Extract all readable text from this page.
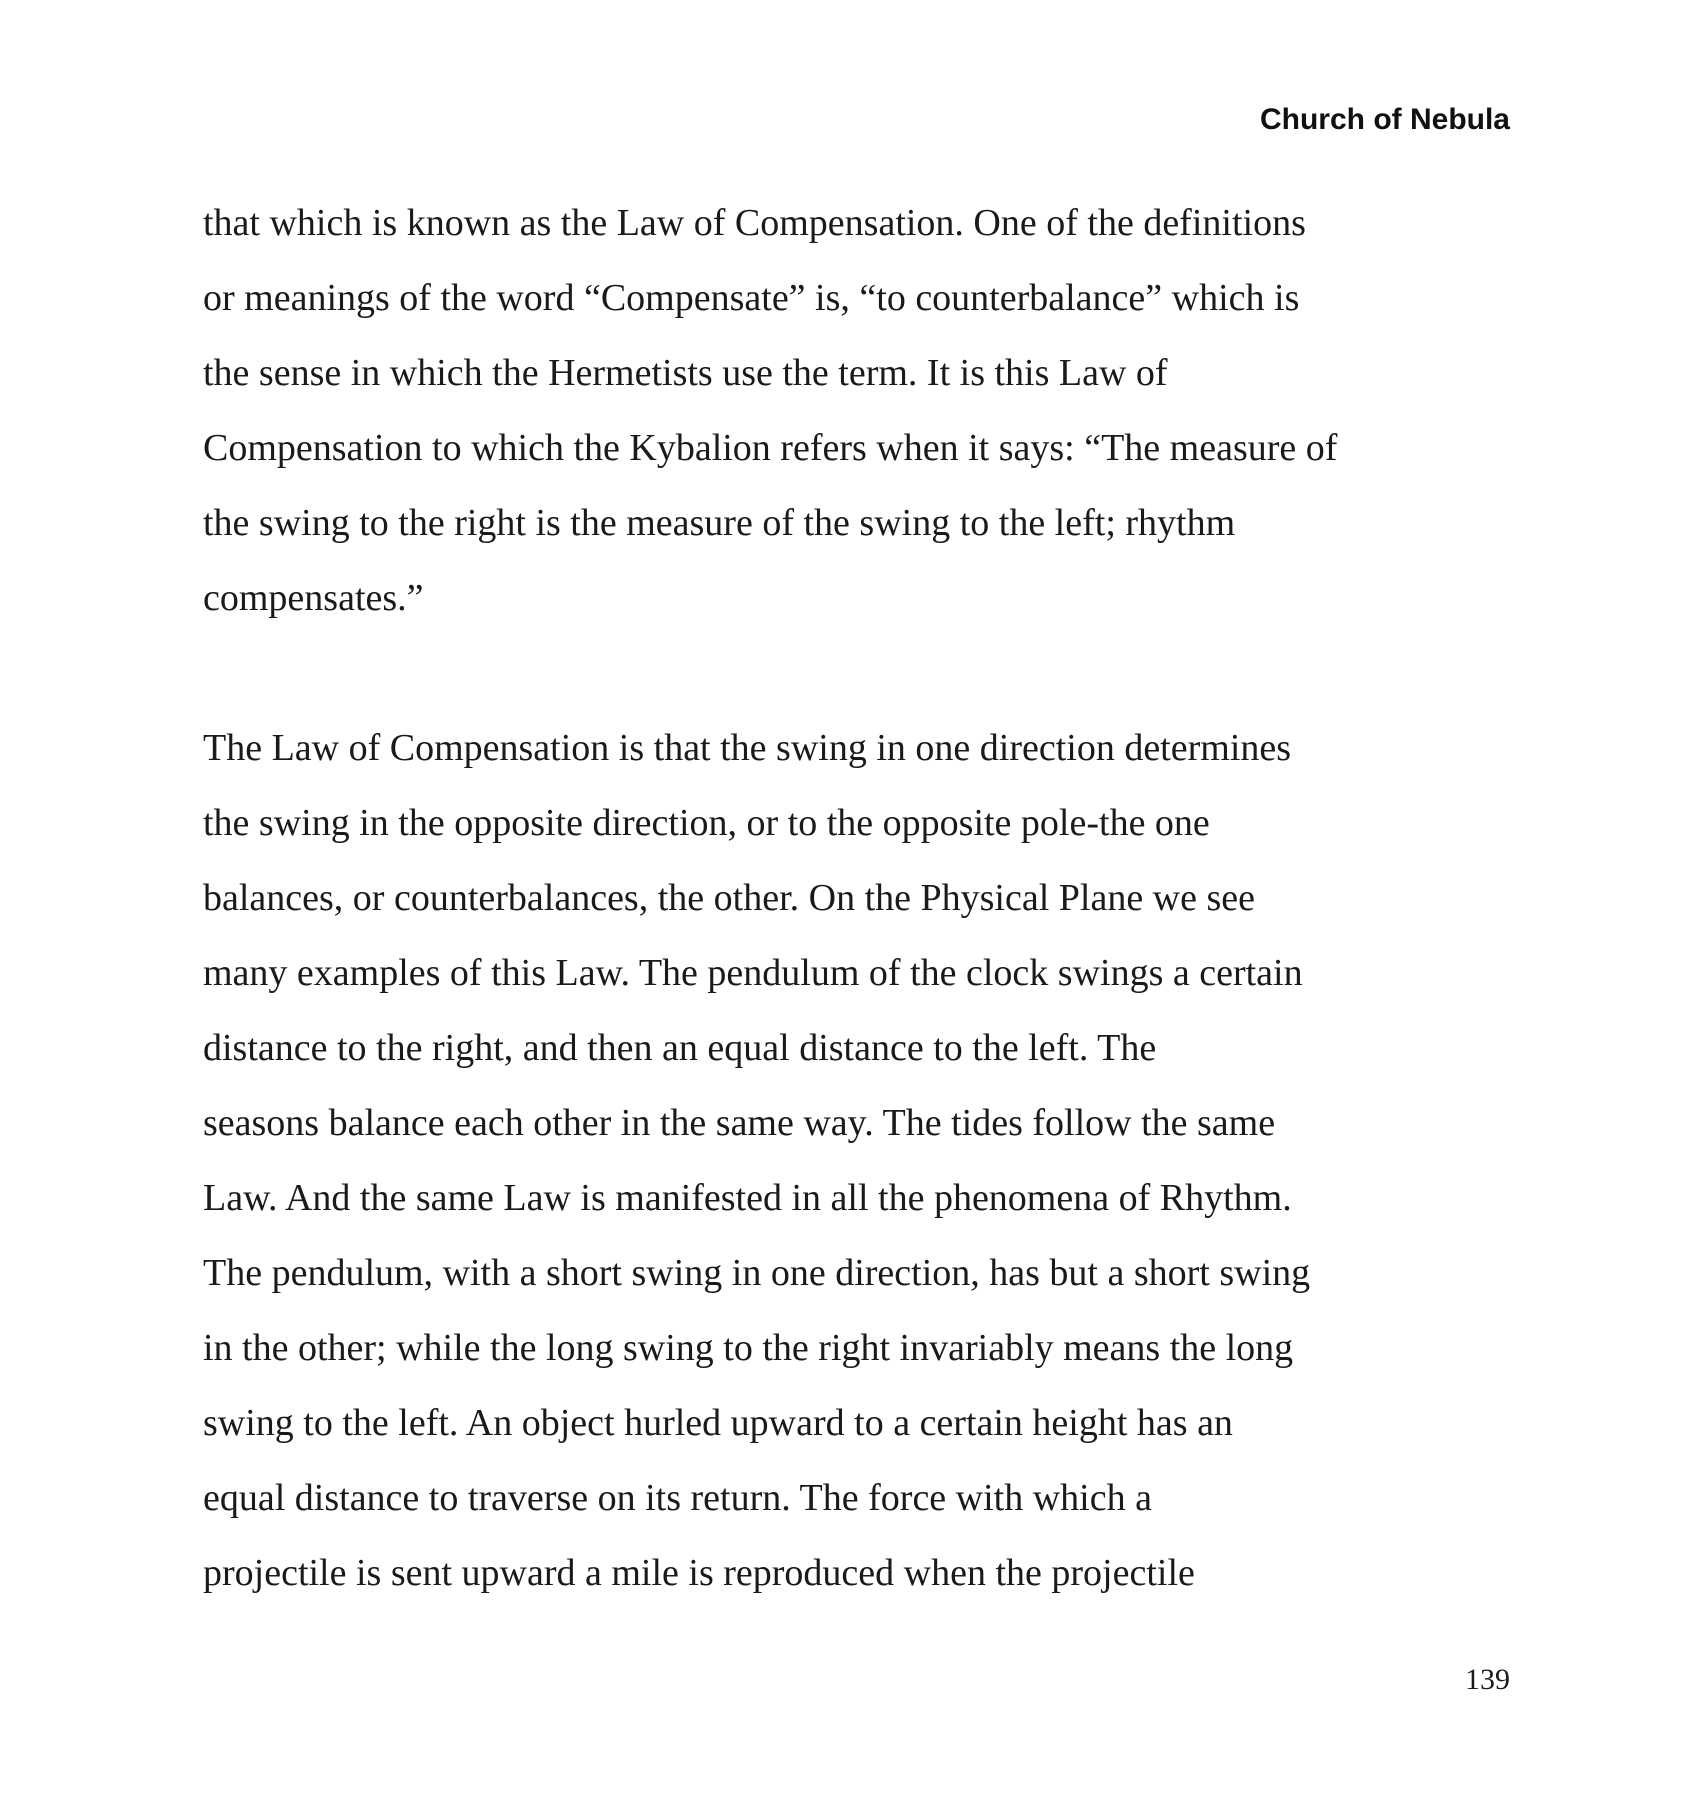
Church of Nebula

that which is known as the Law of Compensation. One of the definitions
or meanings of the word “Compensate” is, “to counterbalance” which is
the sense in which the Hermetists use the term. It is this Law of
Compensation to which the Kybalion refers when it says: “The measure of
the swing to the right is the measure of the swing to the left; rhythm
compensates.”

The Law of Compensation is that the swing in one direction determines
the swing in the opposite direction, or to the opposite pole-the one
balances, or counterbalances, the other. On the Physical Plane we see
many examples of this Law. The pendulum of the clock swings a certain
distance to the right, and then an equal distance to the left. The
seasons balance each other in the same way. The tides follow the same
Law. And the same Law is manifested in all the phenomena of Rhythm.
The pendulum, with a short swing in one direction, has but a short swing
in the other; while the long swing to the right invariably means the long
swing to the left. An object hurled upward to a certain height has an
equal distance to traverse on its return. The force with which a
projectile is sent upward a mile is reproduced when the projectile

139
